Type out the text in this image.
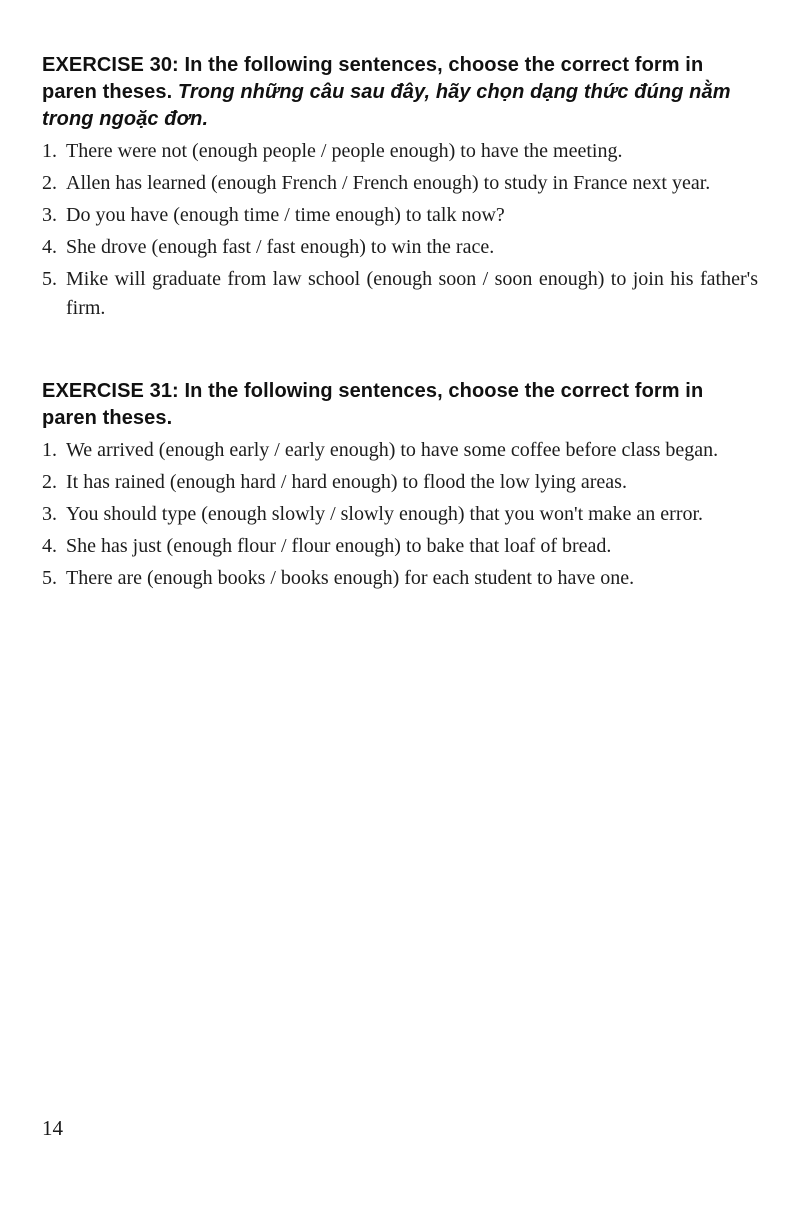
EXERCISE 30: In the following sentences, choose the correct form in paren theses. Trong những câu sau đây, hãy chọn dạng thức đúng nằm trong ngoặc đơn.
1. There were not (enough people / people enough) to have the meeting.
2. Allen has learned (enough French / French enough) to study in France next year.
3. Do you have (enough time / time enough) to talk now?
4. She drove (enough fast / fast enough) to win the race.
5. Mike will graduate from law school (enough soon / soon enough) to join his father's firm.
EXERCISE 31: In the following sentences, choose the correct form in paren theses.
1. We arrived (enough early / early enough) to have some coffee before class began.
2. It has rained (enough hard / hard enough) to flood the low lying areas.
3. You should type (enough slowly / slowly enough) that you won't make an error.
4. She has just (enough flour / flour enough) to bake that loaf of bread.
5. There are (enough books / books enough) for each student to have one.
14
